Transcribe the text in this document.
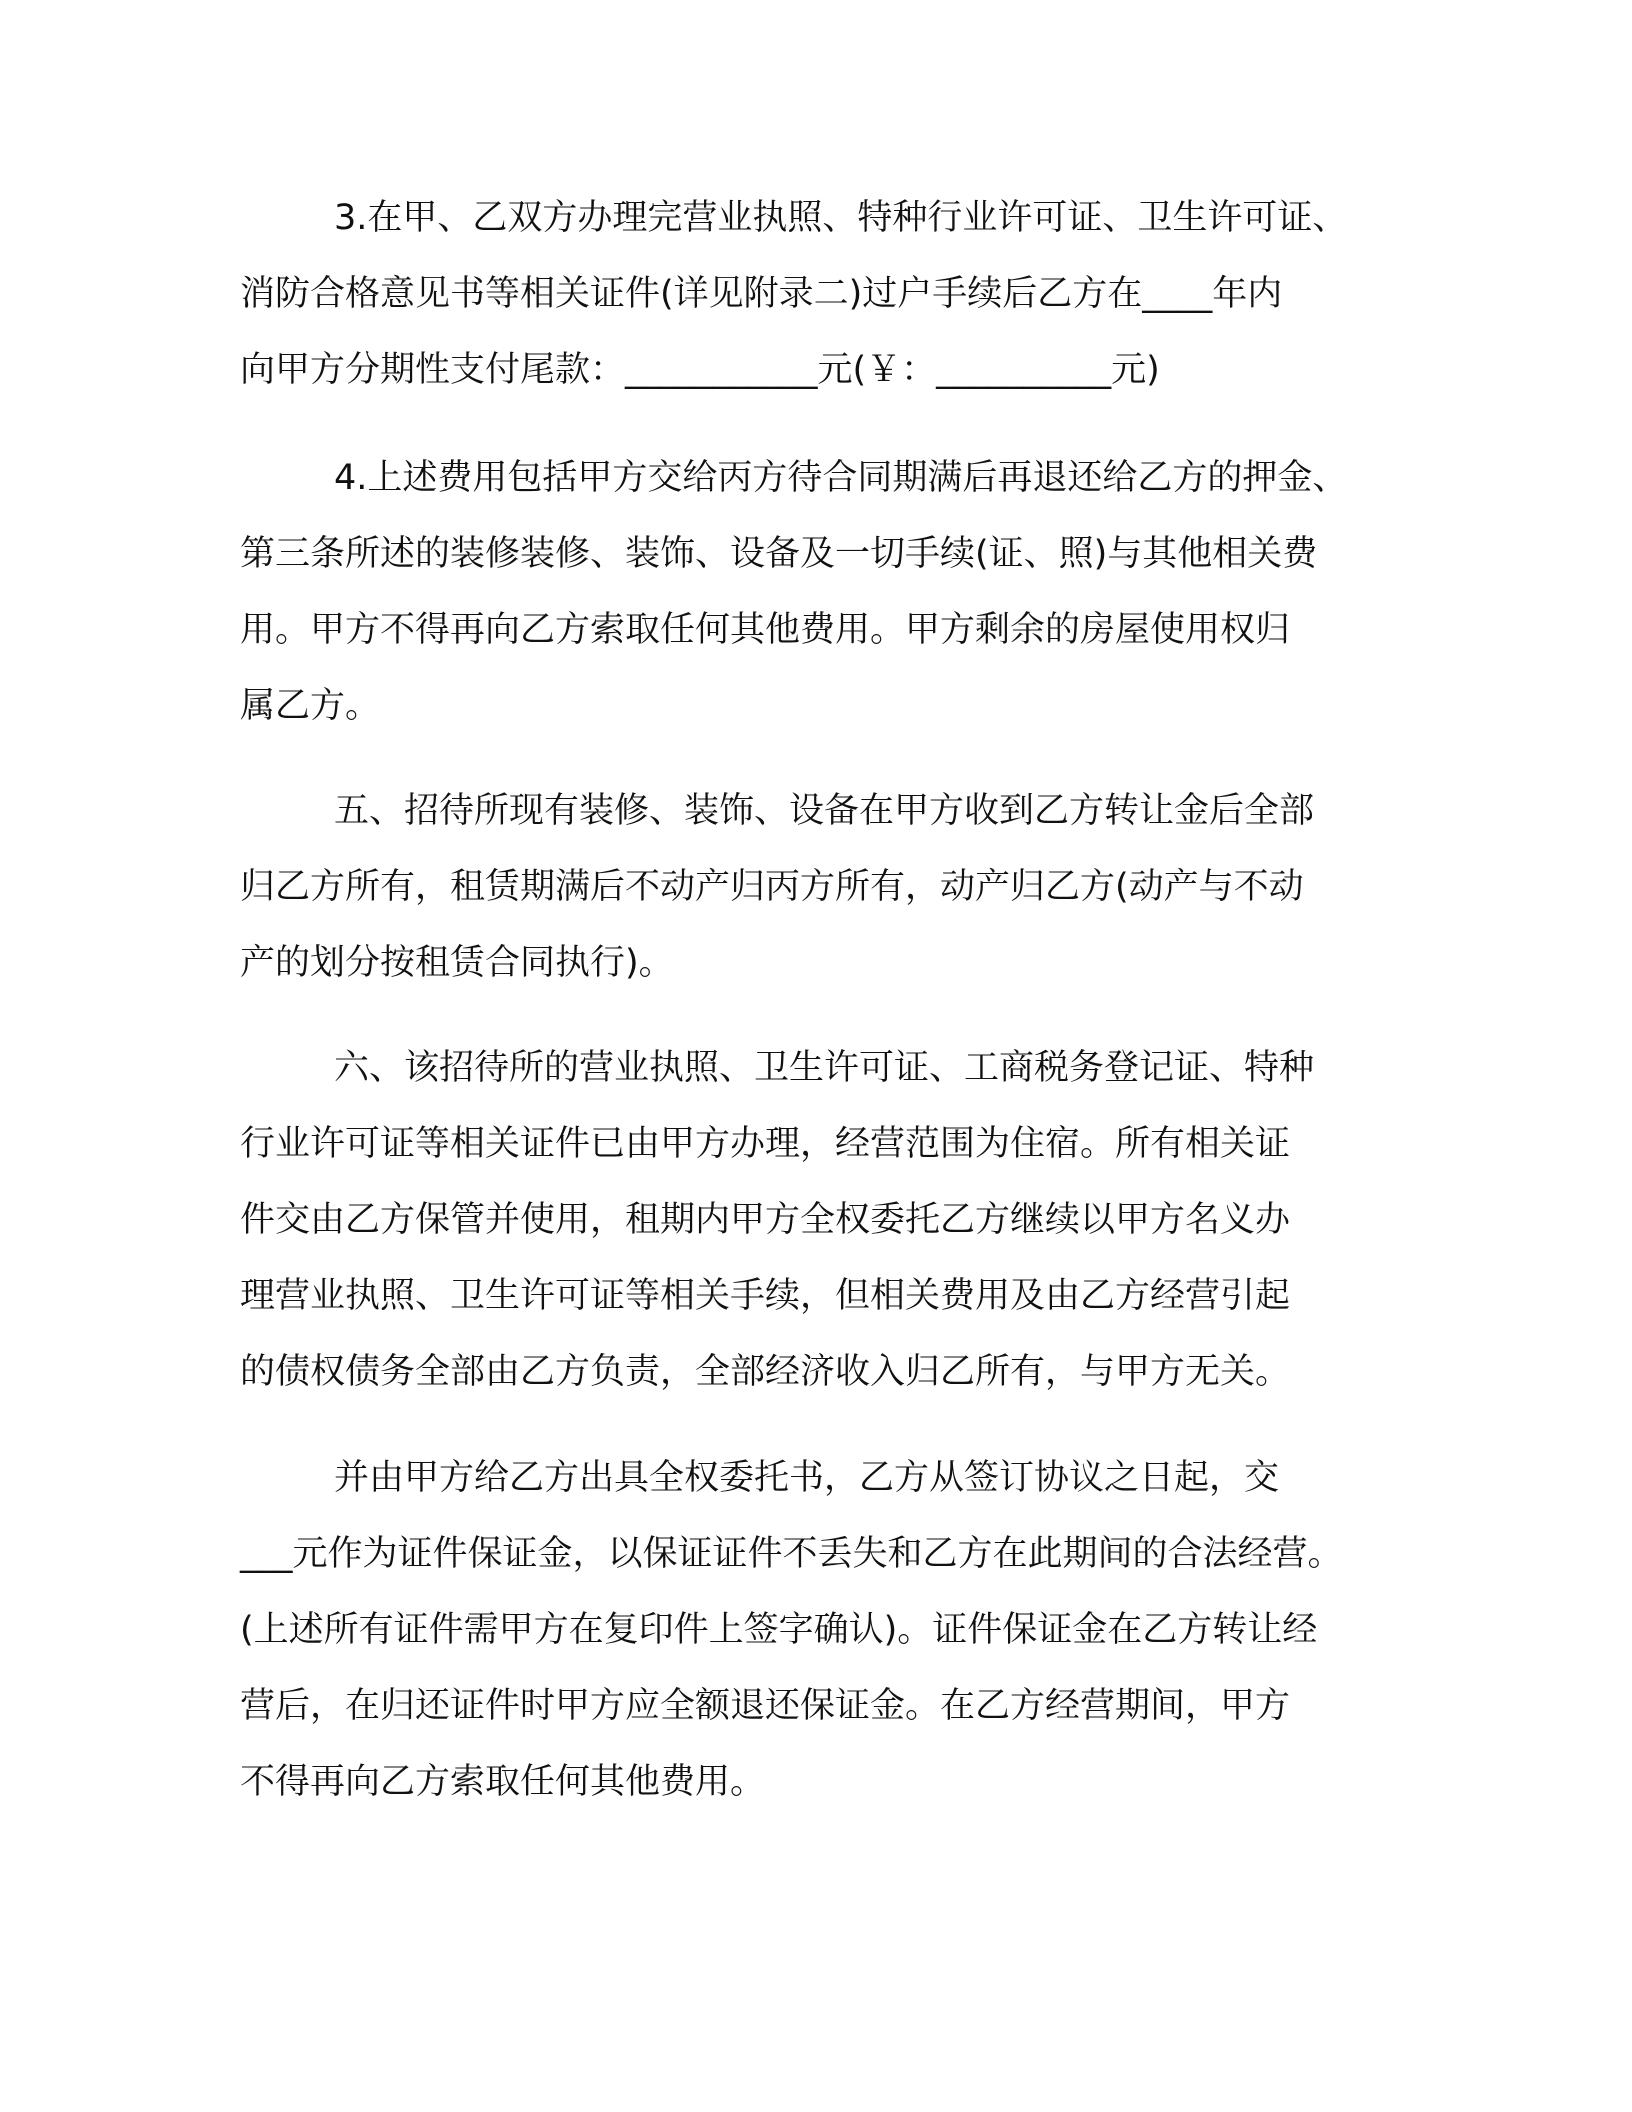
3.在甲、乙双方办理完营业执照、特种行业许可证、卫生许可证、
消防合格意见书等相关证件(详见附录二)过户手续后乙方在____年内
向甲方分期性支付尾款：___________元(￥：__________元)
4.上述费用包括甲方交给丙方待合同期满后再退还给乙方的押金、
第三条所述的装修装修、装饰、设备及一切手续(证、照)与其他相关费
用。甲方不得再向乙方索取任何其他费用。甲方剩余的房屋使用权归
属乙方。
五、招待所现有装修、装饰、设备在甲方收到乙方转让金后全部
归乙方所有，租赁期满后不动产归丙方所有，动产归乙方(动产与不动
产的划分按租赁合同执行)。
六、该招待所的营业执照、卫生许可证、工商税务登记证、特种
行业许可证等相关证件已由甲方办理，经营范围为住宿。所有相关证
件交由乙方保管并使用，租期内甲方全权委托乙方继续以甲方名义办
理营业执照、卫生许可证等相关手续，但相关费用及由乙方经营引起
的债权债务全部由乙方负责，全部经济收入归乙所有，与甲方无关。
并由甲方给乙方出具全权委托书，乙方从签订协议之日起，交
___元作为证件保证金，以保证证件不丢失和乙方在此期间的合法经营。
(上述所有证件需甲方在复印件上签字确认)。证件保证金在乙方转让经
营后，在归还证件时甲方应全额退还保证金。在乙方经营期间，甲方
不得再向乙方索取任何其他费用。
